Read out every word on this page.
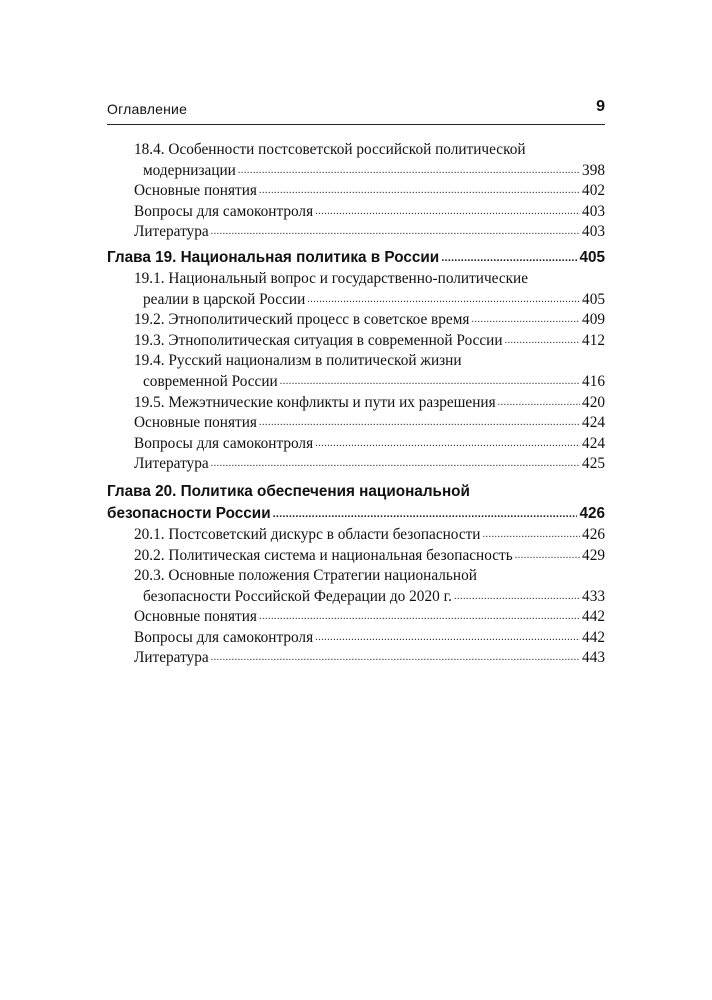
Оглавление	9
18.4. Особенности постсоветской российской политической
модернизации .....	398
Основные понятия .....	402
Вопросы для самоконтроля .....	403
Литература .....	403
Глава 19. Национальная политика в России .....	405
19.1. Национальный вопрос и государственно-политические
реалии в царской России .....	405
19.2. Этнополитический процесс в советское время .....	409
19.3. Этнополитическая ситуация в современной России .....	412
19.4. Русский национализм в политической жизни
современной России .....	416
19.5. Межэтнические конфликты и пути их разрешения .....	420
Основные понятия .....	424
Вопросы для самоконтроля .....	424
Литература .....	425
Глава 20. Политика обеспечения национальной
безопасности России .....	426
20.1. Постсоветский дискурс в области безопасности .....	426
20.2. Политическая система и национальная безопасность .....	429
20.3. Основные положения Стратегии национальной
безопасности Российской Федерации до 2020 г. .....	433
Основные понятия .....	442
Вопросы для самоконтроля .....	442
Литература .....	443
